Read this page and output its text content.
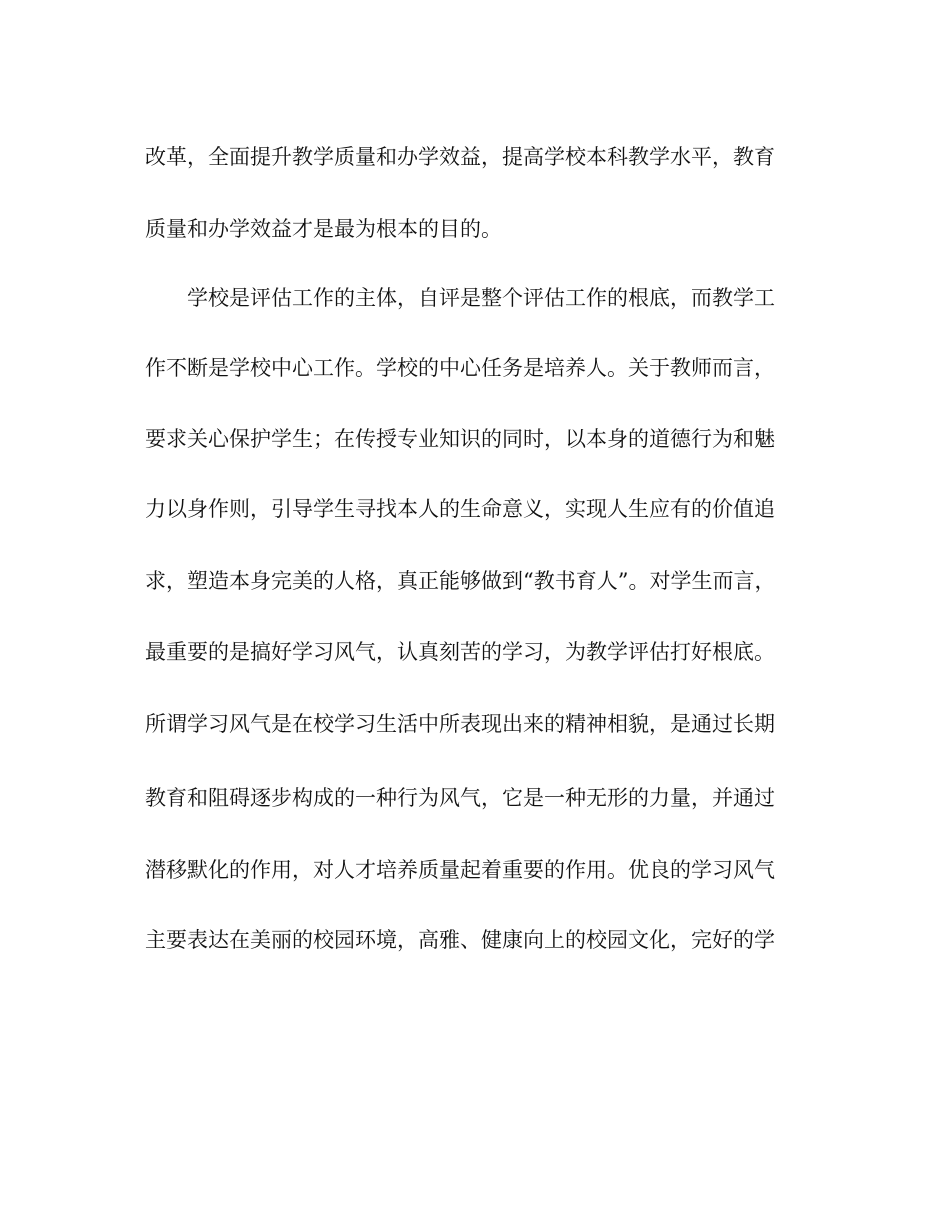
改革，全面提升教学质量和办学效益，提高学校本科教学水平，教育
质量和办学效益才是最为根本的目的。
学校是评估工作的主体，自评是整个评估工作的根底，而教学工
作不断是学校中心工作。学校的中心任务是培养人。关于教师而言，
要求关心保护学生；在传授专业知识的同时，以本身的道德行为和魅
力以身作则，引导学生寻找本人的生命意义，实现人生应有的价值追
求，塑造本身完美的人格，真正能够做到“教书育人”。对学生而言，
最重要的是搞好学习风气，认真刻苦的学习，为教学评估打好根底。
所谓学习风气是在校学习生活中所表现出来的精神相貌，是通过长期
教育和阻碍逐步构成的一种行为风气，它是一种无形的力量，并通过
潜移默化的作用，对人才培养质量起着重要的作用。优良的学习风气
主要表达在美丽的校园环境，高雅、健康向上的校园文化，完好的学
